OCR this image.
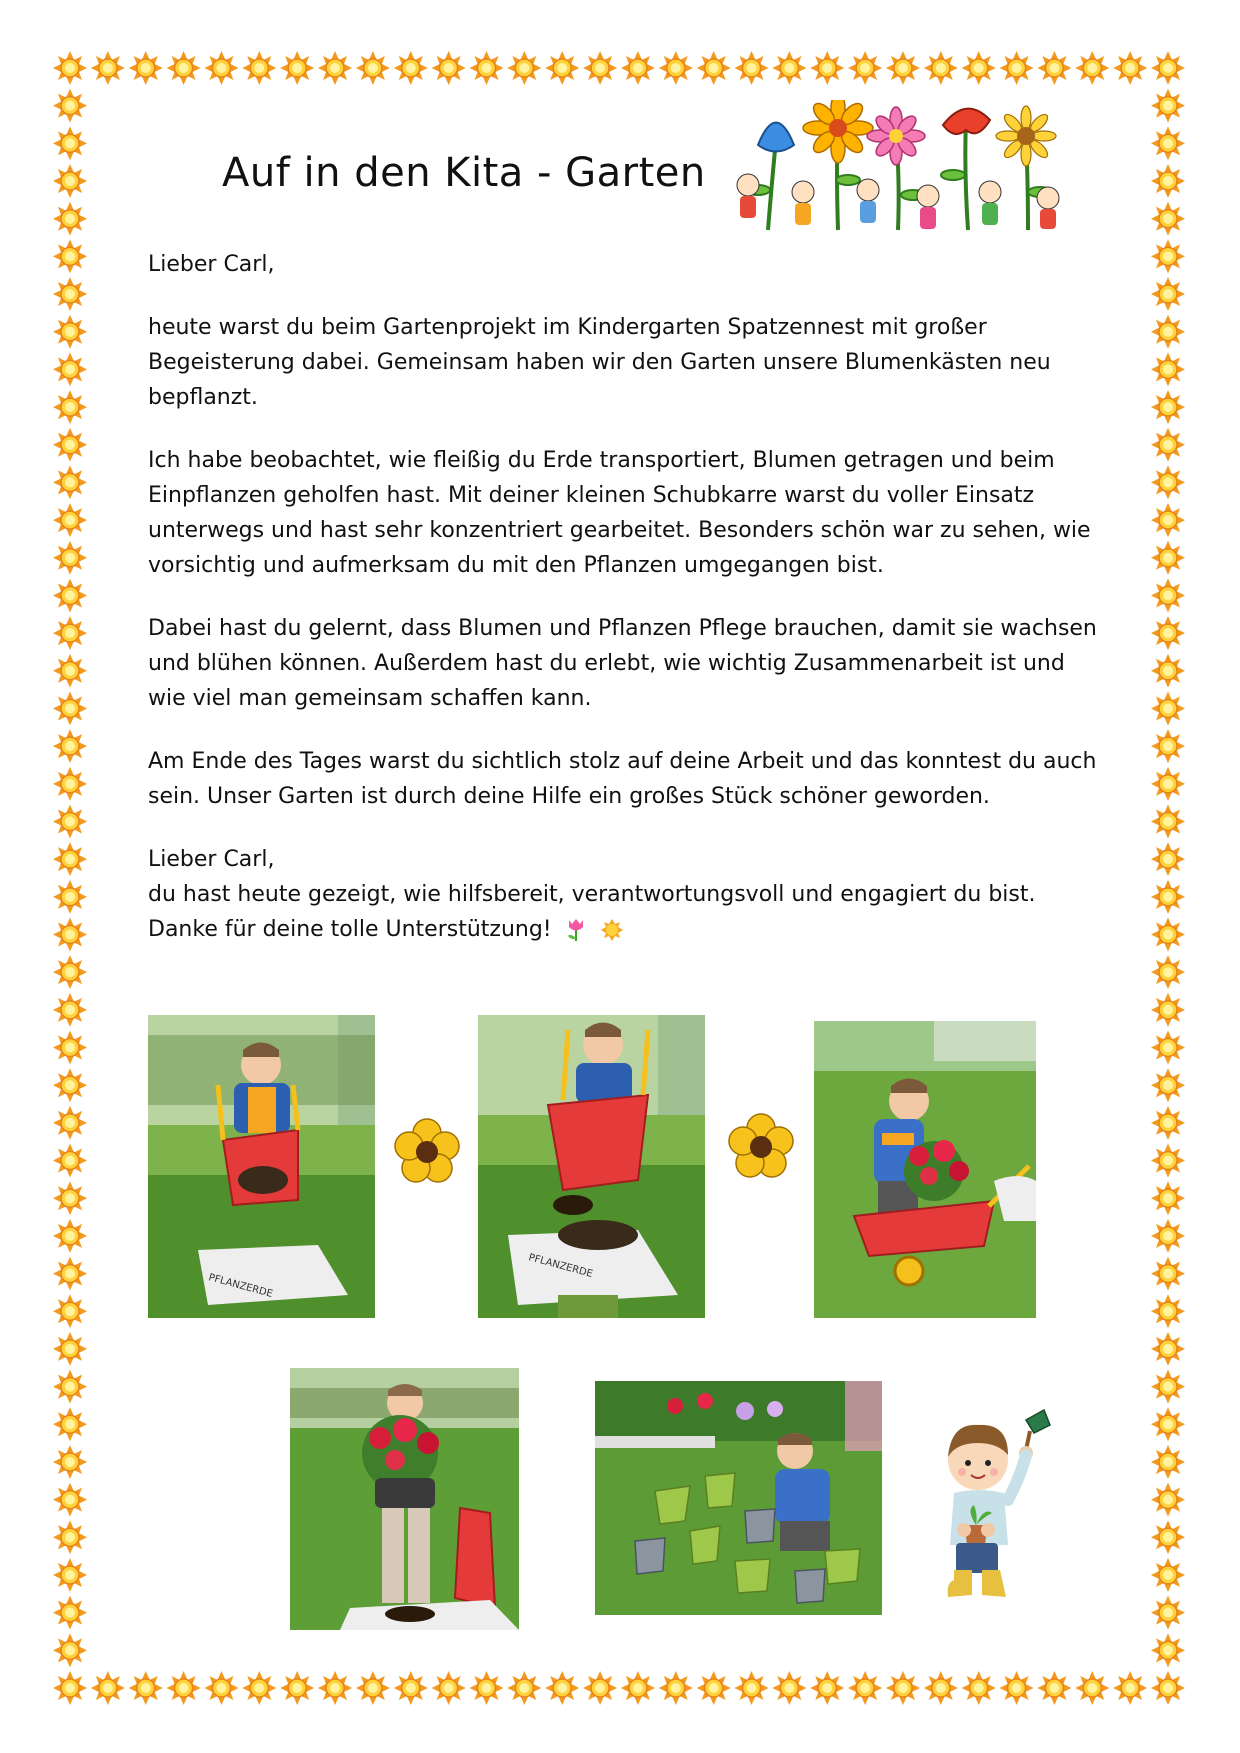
Auf in den Kita - Garten

Lieber Carl,

heute warst du beim Gartenprojekt im Kindergarten Spatzennest mit großer Begeisterung dabei. Gemeinsam haben wir den Garten unsere Blumenkästen neu bepflanzt.

Ich habe beobachtet, wie fleißig du Erde transportiert, Blumen getragen und beim Einpflanzen geholfen hast. Mit deiner kleinen Schubkarre warst du voller Einsatz unterwegs und hast sehr konzentriert gearbeitet. Besonders schön war zu sehen, wie vorsichtig und aufmerksam du mit den Pflanzen umgegangen bist.

Dabei hast du gelernt, dass Blumen und Pflanzen Pflege brauchen, damit sie wachsen und blühen können. Außerdem hast du erlebt, wie wichtig Zusammenarbeit ist und wie viel man gemeinsam schaffen kann.

Am Ende des Tages warst du sichtlich stolz auf deine Arbeit und das konntest du auch sein. Unser Garten ist durch deine Hilfe ein großes Stück schöner geworden.

Lieber Carl,

du hast heute gezeigt, wie hilfsbereit, verantwortungsvoll und engagiert du bist.

Danke für deine tolle Unterstützung!

PFLANZERDE
PFLANZERDE
